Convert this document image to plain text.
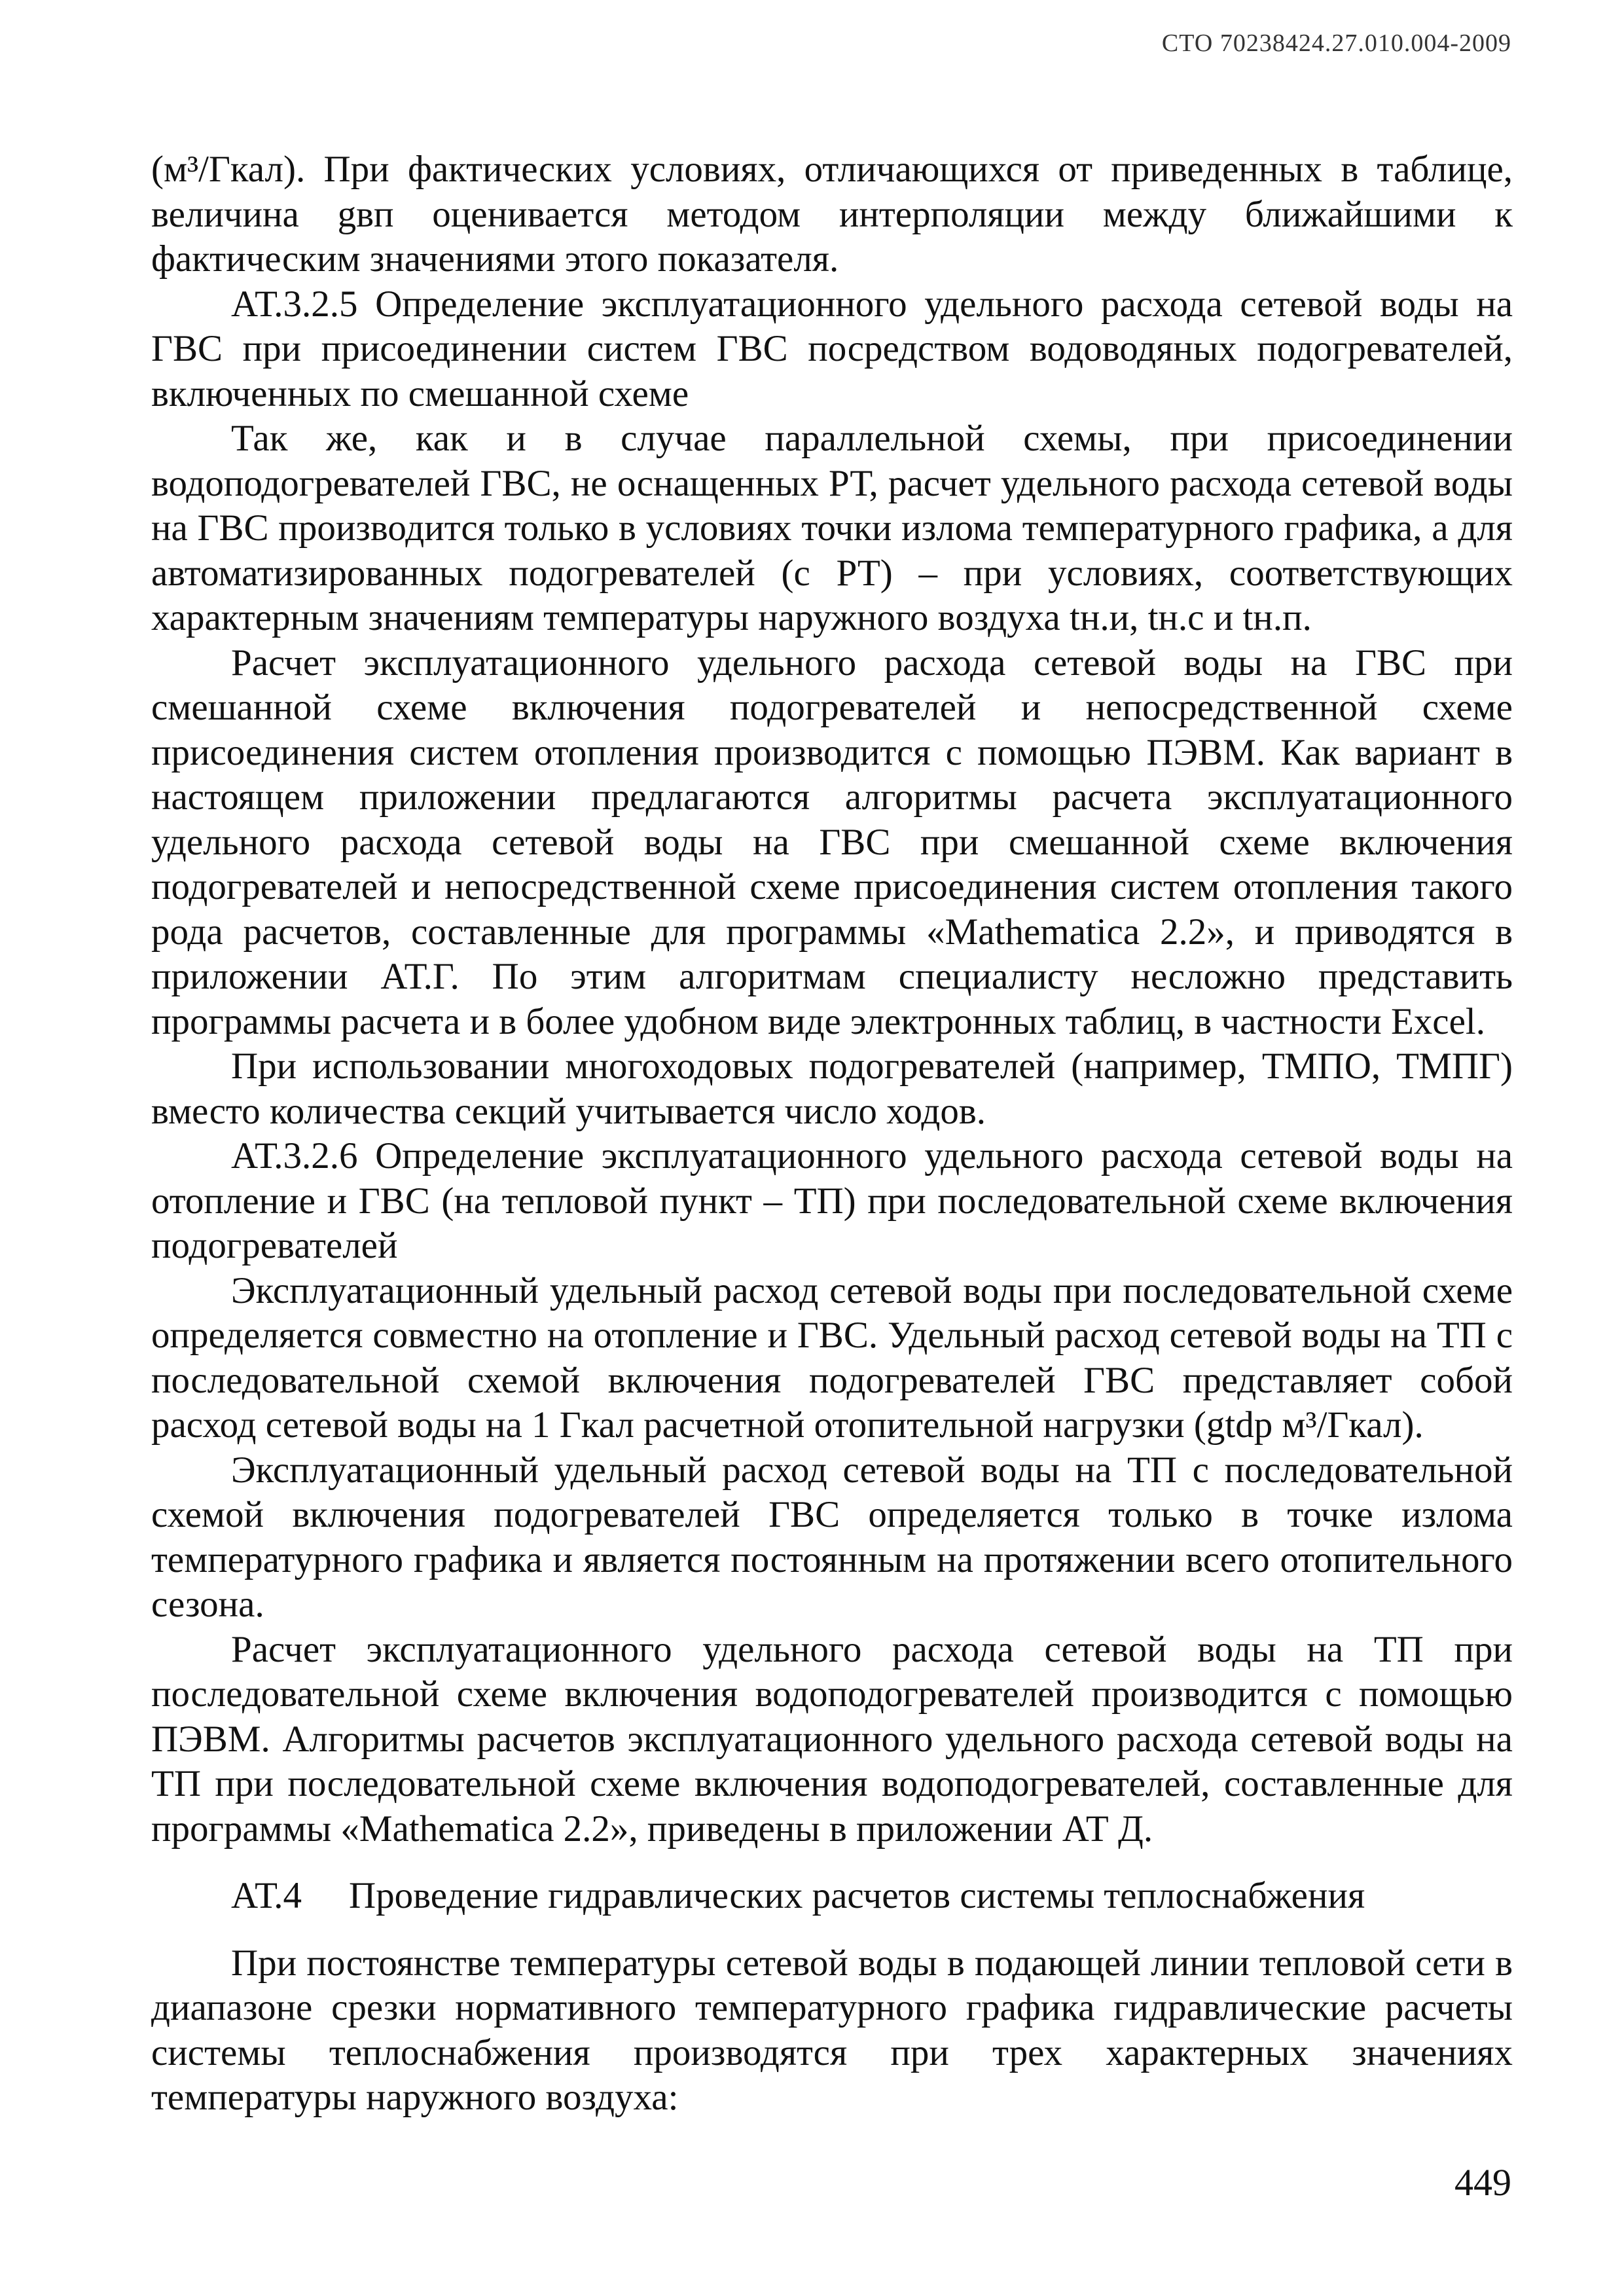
СТО 70238424.27.010.004-2009

(м³/Гкал). При фактических условиях, отличающихся от приведенных в таблице, величина gвп оценивается методом интерполяции между ближайшими к фактическим значениями этого показателя.

АТ.3.2.5 Определение эксплуатационного удельного расхода сетевой воды на ГВС при присоединении систем ГВС посредством водоводяных подогревателей, включенных по смешанной схеме

Так же, как и в случае параллельной схемы, при присоединении водоподогревателей ГВС, не оснащенных РТ, расчет удельного расхода сетевой воды на ГВС производится только в условиях точки излома температурного графика, а для автоматизированных подогревателей (с РТ) – при условиях, соответствующих характерным значениям температуры наружного воздуха tн.и, tн.с и tн.п.

Расчет эксплуатационного удельного расхода сетевой воды на ГВС при смешанной схеме включения подогревателей и непосредственной схеме присоединения систем отопления производится с помощью ПЭВМ. Как вариант в настоящем приложении предлагаются алгоритмы расчета эксплуатационного удельного расхода сетевой воды на ГВС при смешанной схеме включения подогревателей и непосредственной схеме присоединения систем отопления такого рода расчетов, составленные для программы «Mathematica 2.2», и приводятся в приложении АТ.Г. По этим алгоритмам специалисту несложно представить программы расчета и в более удобном виде электронных таблиц, в частности Excel.

При использовании многоходовых подогревателей (например, ТМПО, ТМПГ) вместо количества секций учитывается число ходов.

АТ.3.2.6 Определение эксплуатационного удельного расхода сетевой воды на отопление и ГВС (на тепловой пункт – ТП) при последовательной схеме включения подогревателей

Эксплуатационный удельный расход сетевой воды при последовательной схеме определяется совместно на отопление и ГВС. Удельный расход сетевой воды на ТП с последовательной схемой включения подогревателей ГВС представляет собой расход сетевой воды на 1 Гкал расчетной отопительной нагрузки (gtdp м³/Гкал).

Эксплуатационный удельный расход сетевой воды на ТП с последовательной схемой включения подогревателей ГВС определяется только в точке излома температурного графика и является постоянным на протяжении всего отопительного сезона.

Расчет эксплуатационного удельного расхода сетевой воды на ТП при последовательной схеме включения водоподогревателей производится с помощью ПЭВМ. Алгоритмы расчетов эксплуатационного удельного расхода сетевой воды на ТП при последовательной схеме включения водоподогревателей, составленные для программы «Mathematica 2.2», приведены в приложении АТ Д.

АТ.4 Проведение гидравлических расчетов системы теплоснабжения

При постоянстве температуры сетевой воды в подающей линии тепловой сети в диапазоне срезки нормативного температурного графика гидравлические расчеты системы теплоснабжения производятся при трех характерных значениях температуры наружного воздуха:

449
